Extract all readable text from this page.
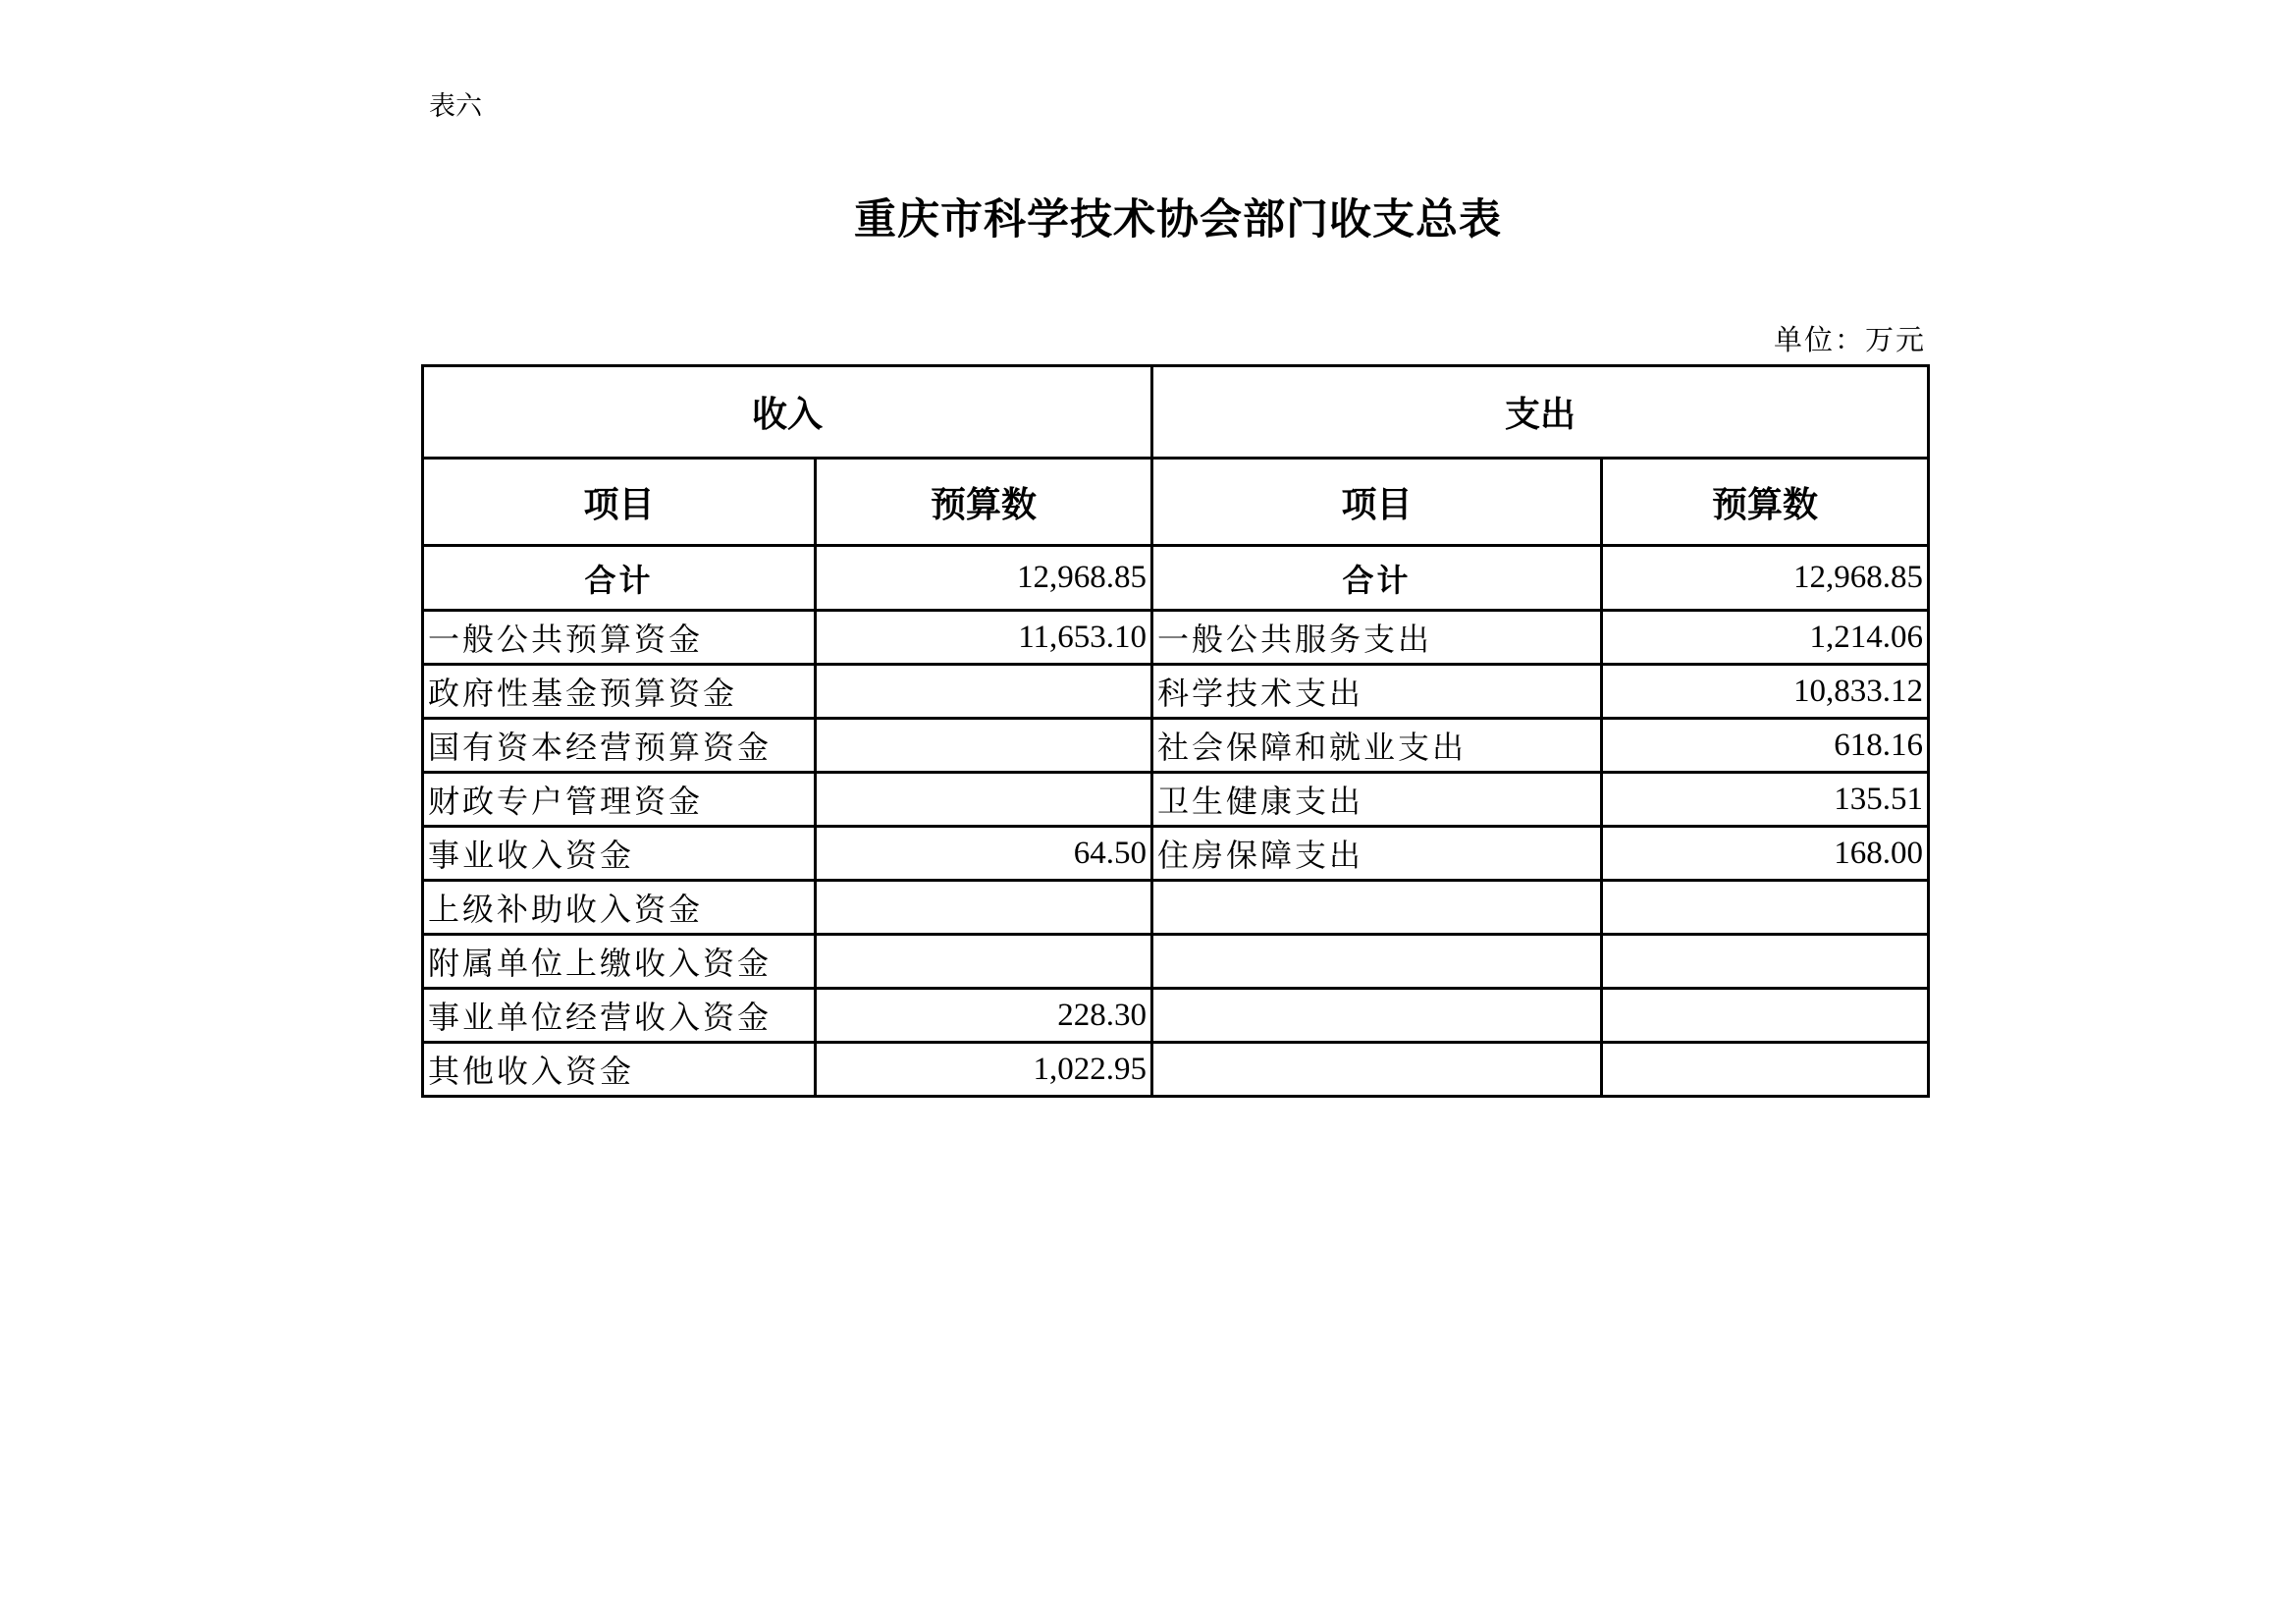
表六
重庆市科学技术协会部门收支总表
单位：万元
收入		支出	
项目	预算数	项目	预算数
合计	12,968.85	合计	12,968.85
一般公共预算资金	11,653.10	一般公共服务支出	1,214.06
政府性基金预算资金		科学技术支出	10,833.12
国有资本经营预算资金		社会保障和就业支出	618.16
财政专户管理资金		卫生健康支出	135.51
事业收入资金	64.50	住房保障支出	168.00
上级补助收入资金			
附属单位上缴收入资金			
事业单位经营收入资金	228.30		
其他收入资金	1,022.95		
